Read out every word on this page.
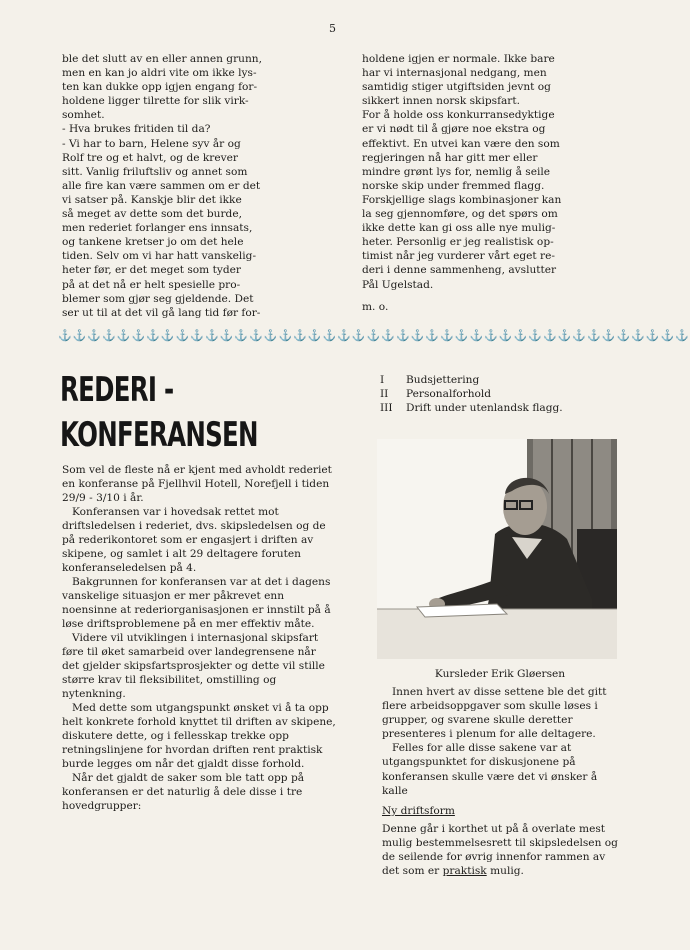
5

ble det slutt av en eller annen grunn,

men en kan jo aldri vite om ikke lys-

ten kan dukke opp igjen engang for-

holdene ligger tilrette for slik virk-

somhet.

- Hva brukes fritiden til da?

- Vi har to barn, Helene syv år og

Rolf tre og et halvt, og de krever

sitt. Vanlig friluftsliv og annet som

alle fire kan være sammen om er det

vi satser på. Kanskje blir det ikke

så meget av dette som det burde,

men rederiet forlanger ens innsats,

og tankene kretser jo om det hele

tiden. Selv om vi har hatt vanskelig-

heter før, er det meget som tyder

på at det nå er helt spesielle pro-

blemer som gjør seg gjeldende. Det

ser ut til at det vil gå lang tid før for-

holdene igjen er normale. Ikke bare

har vi internasjonal nedgang, men

samtidig stiger utgiftsiden jevnt og

sikkert innen norsk skipsfart.

For å holde oss konkurransedyktige

er vi nødt til å gjøre noe ekstra og

effektivt. En utvei kan være den som

regjeringen nå har gitt mer eller

mindre grønt lys for, nemlig å seile

norske skip under fremmed flagg.

Forskjellige slags kombinasjoner kan

la seg gjennomføre, og det spørs om

ikke dette kan gi oss alle nye mulig-

heter. Personlig er jeg realistisk op-

timist når jeg vurderer vårt eget re-

deri i denne sammenheng, avslutter

Pål Ugelstad.

m. o.

⚓⚓⚓⚓⚓⚓⚓⚓⚓⚓⚓⚓⚓⚓⚓⚓⚓⚓⚓⚓⚓⚓⚓⚓⚓⚓⚓⚓⚓⚓⚓⚓⚓⚓⚓⚓⚓⚓⚓⚓⚓⚓⚓
REDERI -
KONFERANSEN

Som vel de fleste nå er kjent med avholdt rederiet en konferanse på Fjellhvil Hotell, Norefjell i tiden 29/9 - 3/10 i år.

Konferansen var i hovedsak rettet mot driftsledelsen i rederiet, dvs. skipsledelsen og de på rederikontoret som er engasjert i driften av skipene, og samlet i alt 29 deltagere foruten konferanseledelsen på 4.

Bakgrunnen for konferansen var at det i dagens vanskelige situasjon er mer påkrevet enn noensinne at rederiorganisasjonen er innstilt på å løse driftsproblemene på en mer effektiv måte.

Videre vil utviklingen i internasjonal skipsfart føre til øket samarbeid over landegrensene når det gjelder skipsfartsprosjekter og dette vil stille større krav til fleksibilitet, omstilling og nytenkning.

Med dette som utgangspunkt ønsket vi å ta opp helt konkrete forhold knyttet til driften av skipene, diskutere dette, og i fellesskap trekke opp retningslinjene for hvordan driften rent praktisk burde legges om når det gjaldt disse forhold.

Når det gjaldt de saker som ble tatt opp på konferansen er det naturlig å dele disse i tre hovedgrupper:

I	Budsjettering
II	Personalforhold
III	Drift under utenlandsk flagg.
Kursleder Erik Gløersen

Innen hvert av disse settene ble det gitt flere arbeidsoppgaver som skulle løses i grupper, og svarene skulle deretter presenteres i plenum for alle deltagere.

Felles for alle disse sakene var at utgangspunktet for diskusjonene på konferansen skulle være det vi ønsker å kalle

Ny driftsform

Denne går i korthet ut på å overlate mest mulig bestemmelsesrett til skipsledelsen og de seilende for øvrig innenfor rammen av det som er praktisk mulig.
